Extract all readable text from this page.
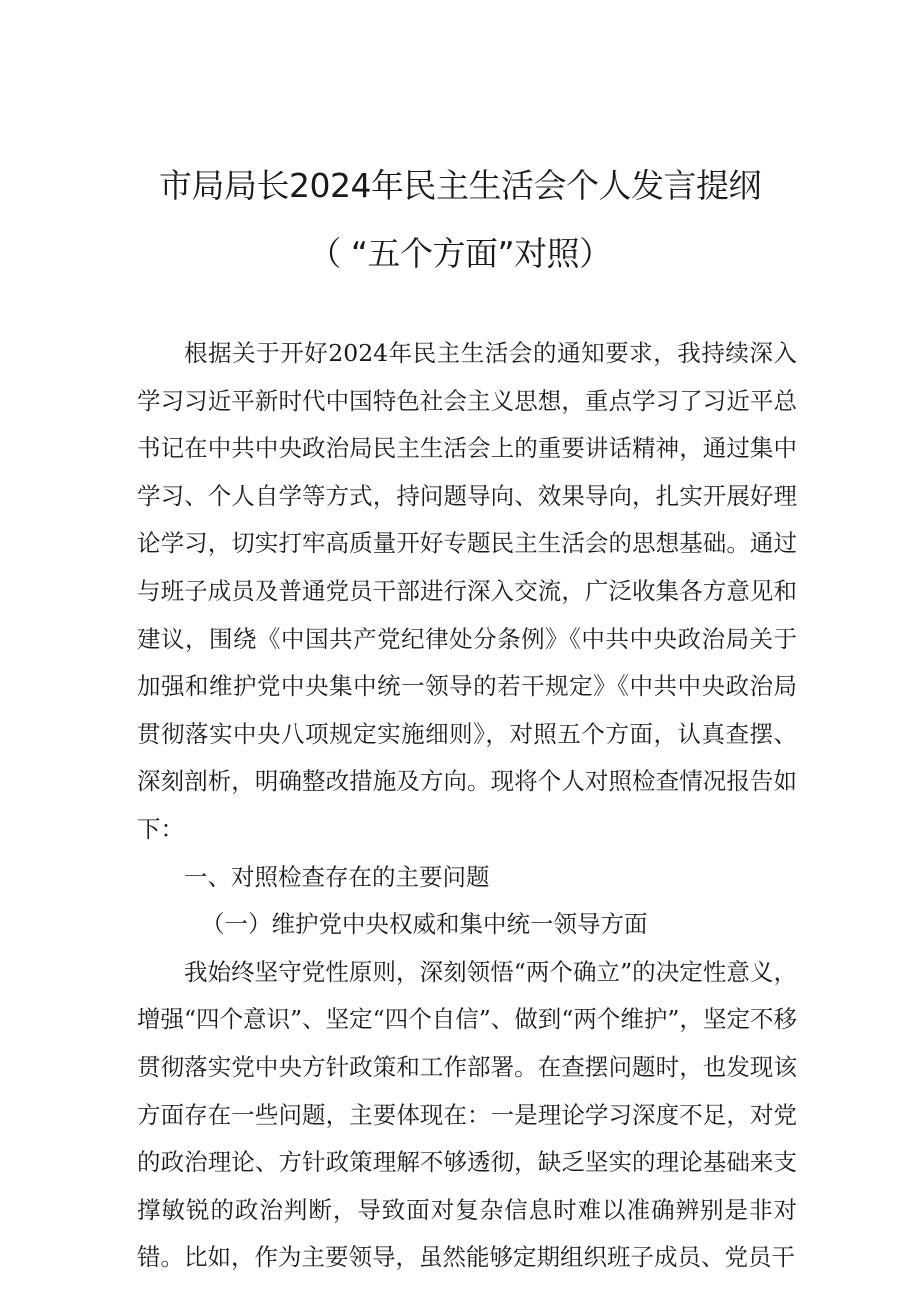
市局局长2024年民主生活会个人发言提纲
（ “五个方面”对照）

根据关于开好2024年民主生活会的通知要求，我持续深入学习习近平新时代中国特色社会主义思想，重点学习了习近平总书记在中共中央政治局民主生活会上的重要讲话精神，通过集中学习、个人自学等方式，持问题导向、效果导向，扎实开展好理论学习，切实打牢高质量开好专题民主生活会的思想基础。通过与班子成员及普通党员干部进行深入交流，广泛收集各方意见和建议，围绕《中国共产党纪律处分条例》《中共中央政治局关于加强和维护党中央集中统一领导的若干规定》《中共中央政治局贯彻落实中央八项规定实施细则》，对照五个方面，认真查摆、深刻剖析，明确整改措施及方向。现将个人对照检查情况报告如下：

一、对照检查存在的主要问题

（一）维护党中央权威和集中统一领导方面

我始终坚守党性原则，深刻领悟“两个确立”的决定性意义，增强“四个意识”、坚定“四个自信”、做到“两个维护”，坚定不移贯彻落实党中央方针政策和工作部署。在查摆问题时，也发现该方面存在一些问题，主要体现在：一是理论学习深度不足，对党的政治理论、方针政策理解不够透彻，缺乏坚实的理论基础来支撑敏锐的政治判断，导致面对复杂信息时难以准确辨别是非对错。比如，作为主要领导，虽然能够定期组织班子成员、党员干
